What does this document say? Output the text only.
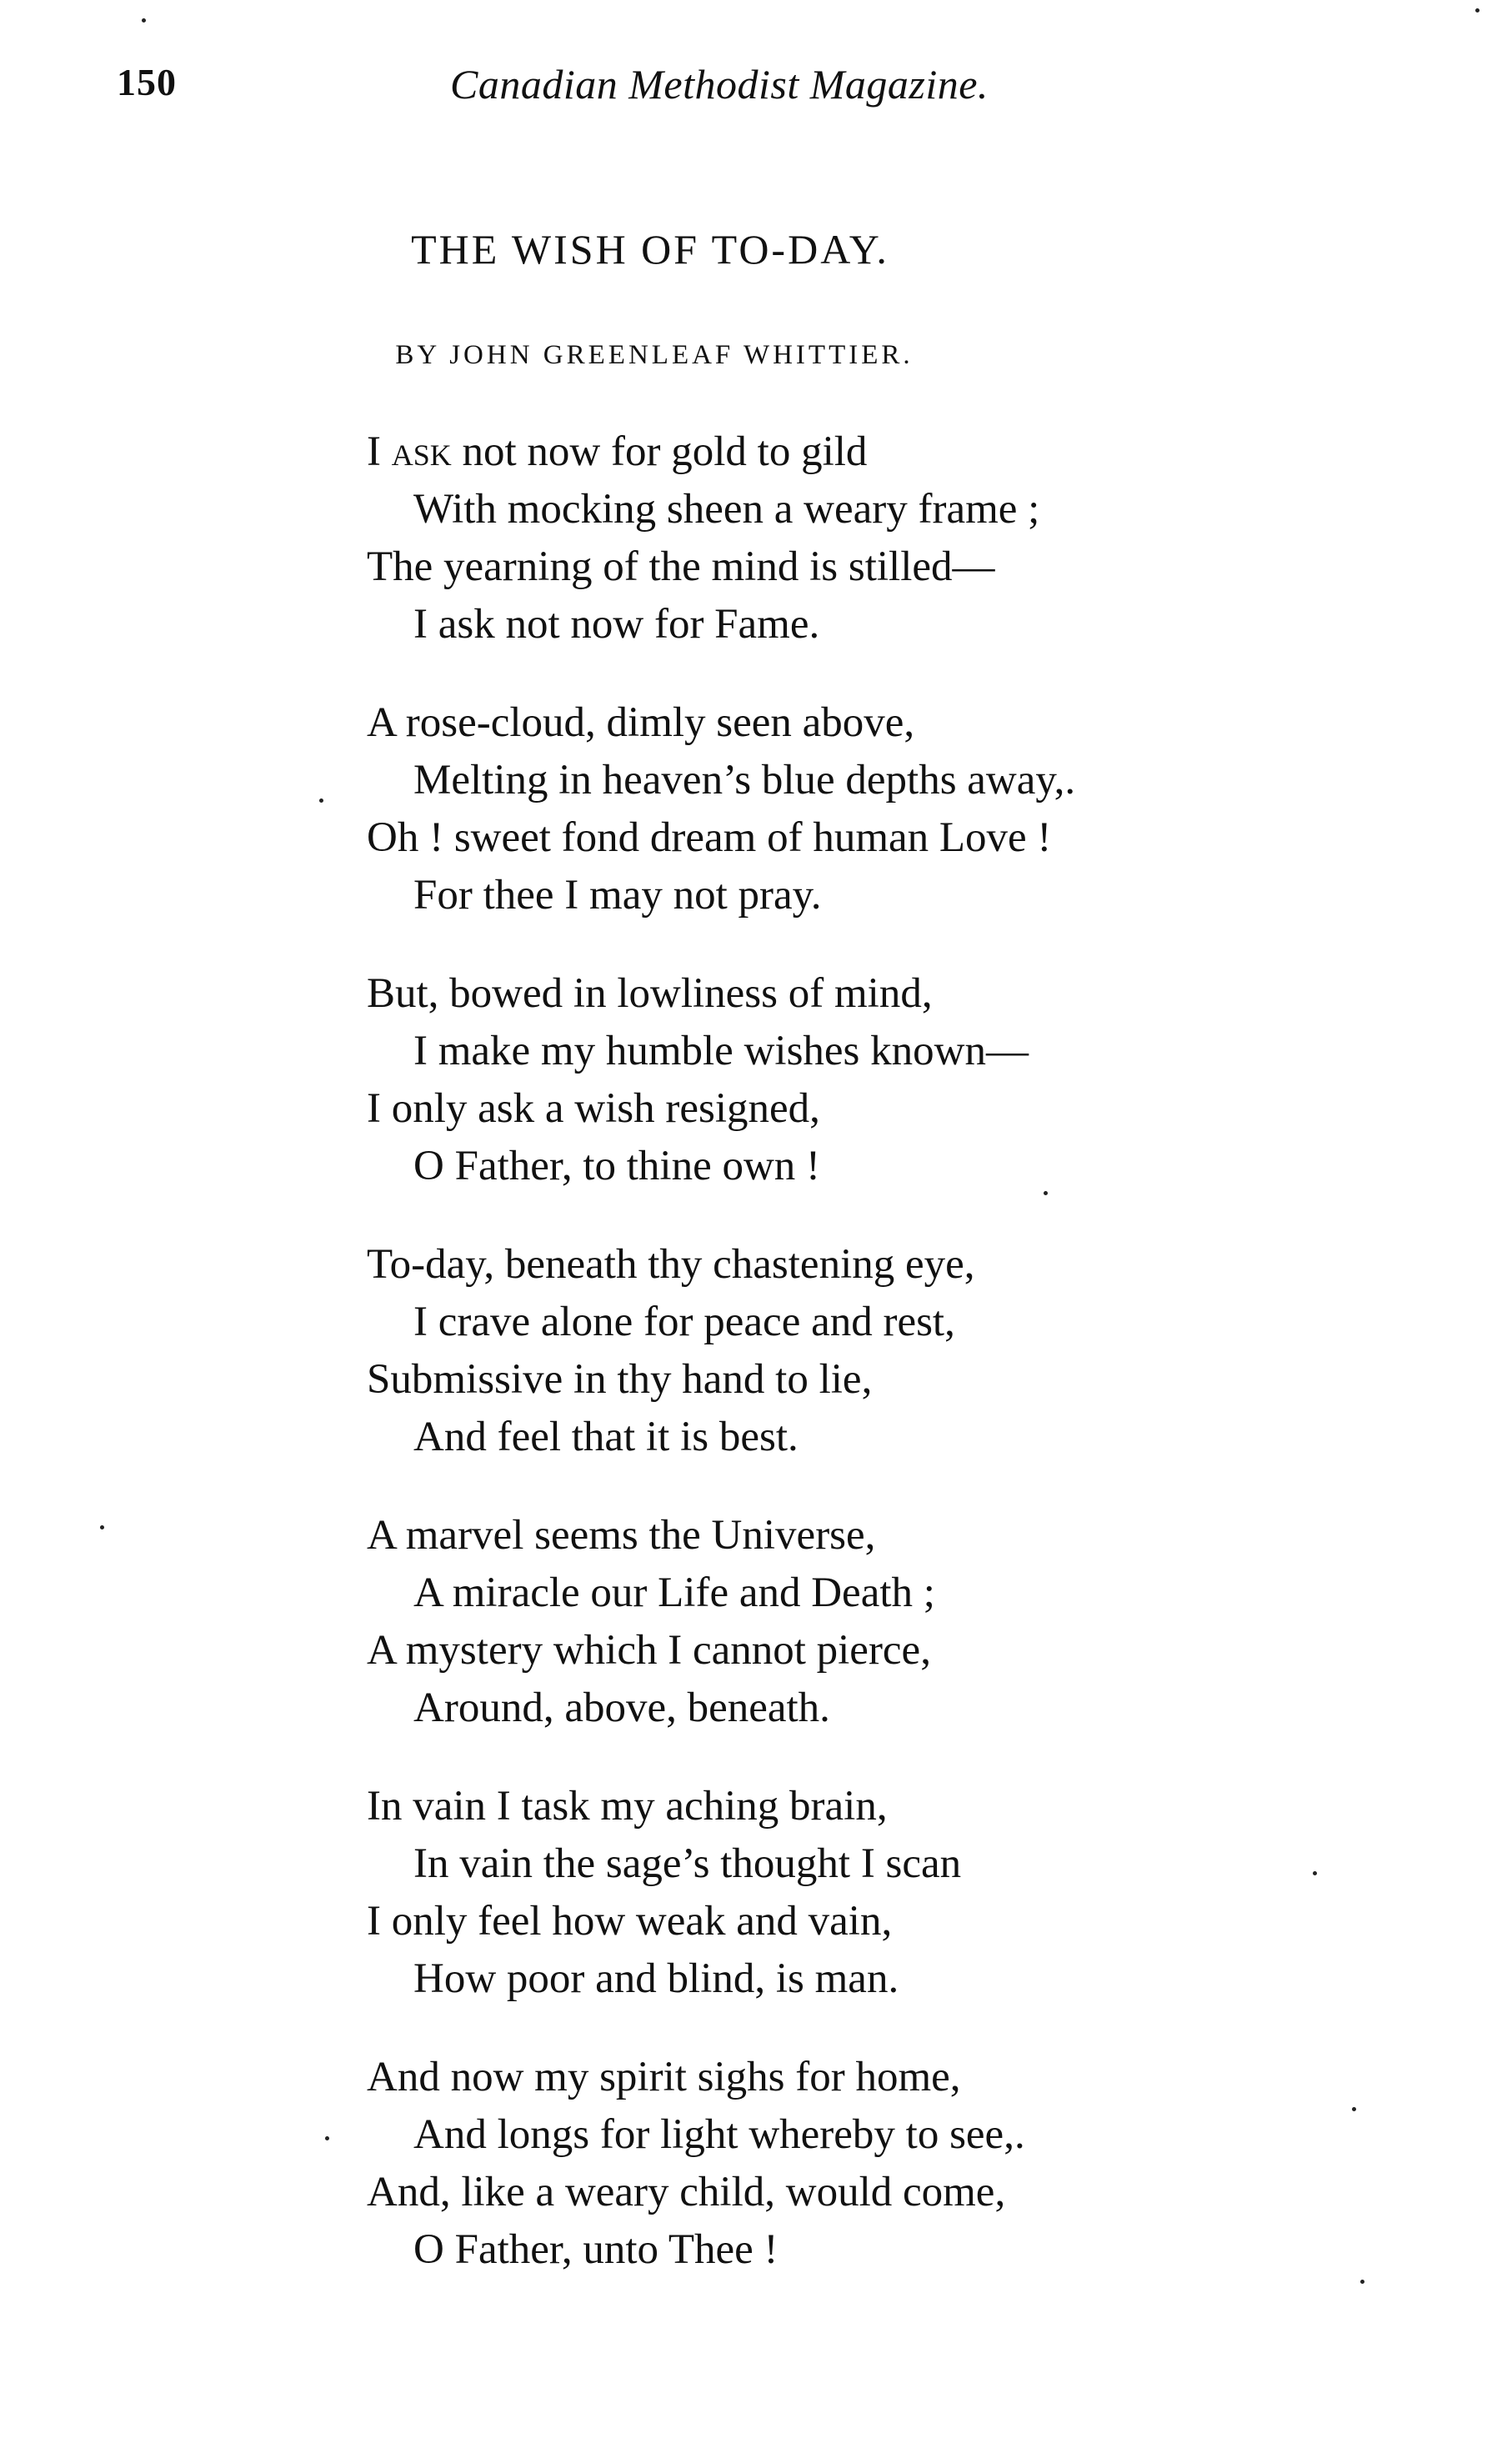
150	Canadian Methodist Magazine.
THE WISH OF TO-DAY.
BY JOHN GREENLEAF WHITTIER.
I ask not now for gold to gild
With mocking sheen a weary frame ;
The yearning of the mind is stilled—
I ask not now for Fame.
A rose-cloud, dimly seen above,
Melting in heaven’s blue depths away,.
Oh ! sweet fond dream of human Love !
For thee I may not pray.
But, bowed in lowliness of mind,
I make my humble wishes known—
I only ask a wish resigned,
O Father, to thine own !
To-day, beneath thy chastening eye,
I crave alone for peace and rest,
Submissive in thy hand to lie,
And feel that it is best.
A marvel seems the Universe,
A miracle our Life and Death ;
A mystery which I cannot pierce,
Around, above, beneath.
In vain I task my aching brain,
In vain the sage’s thought I scan
I only feel how weak and vain,
How poor and blind, is man.
And now my spirit sighs for home,
And longs for light whereby to see,.
And, like a weary child, would come,
O Father, unto Thee !
